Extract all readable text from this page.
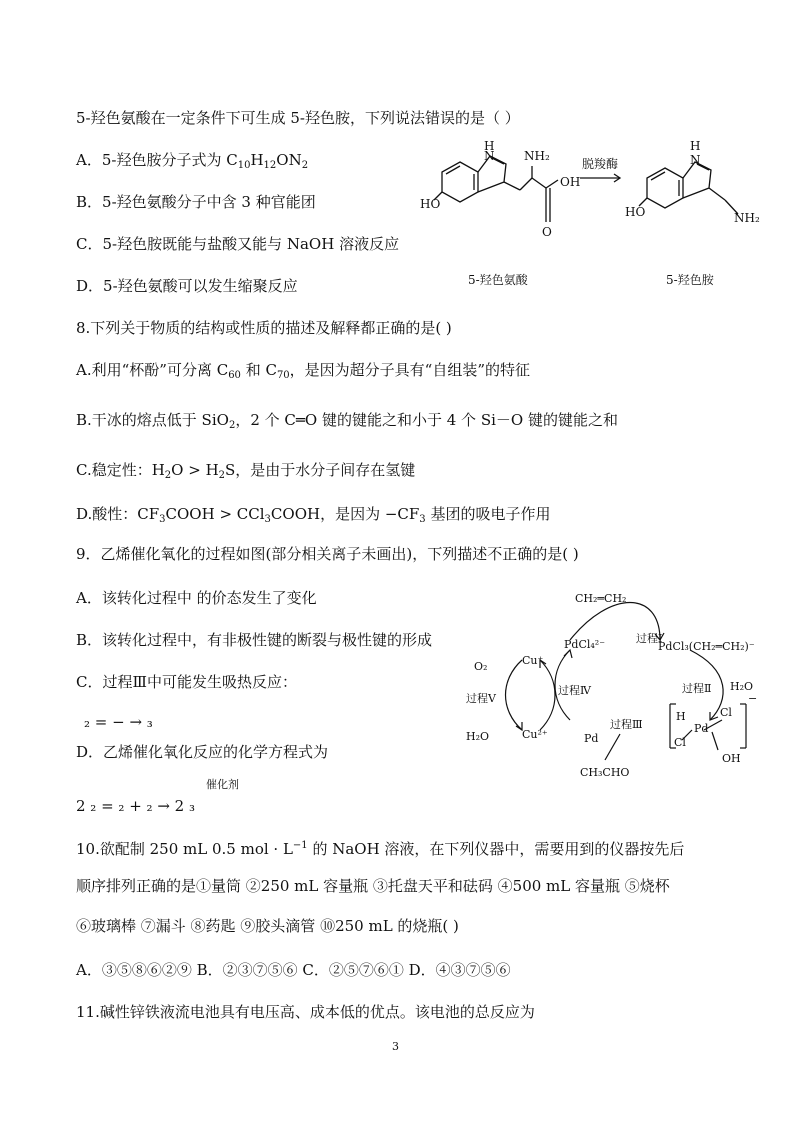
5-羟色氨酸在一定条件下可生成 5-羟色胺，下列说法错误的是（ ）
A．5-羟色胺分子式为 $C_{10}H_{12}ON_2$
B．5-羟色氨酸分子中含 3 种官能团
C．5-羟色胺既能与盐酸又能与 NaOH 溶液反应
D．5-羟色氨酸可以发生缩聚反应
H
N NH₂
OH
HO
O
脱羧酶
H
N
HO	NH₂
5-羟色氨酸	5-羟色胺
8.下列关于物质的结构或性质的描述及解释都正确的是( )
A.利用“杯酚”可分离 $C_{60}$ 和 $C_{70}$，是因为超分子具有“自组装”的特征
B.干冰的熔点低于 SiO$_2$，2 个 C═O 键的键能之和小于 4 个 Si－O 键的键能之和
C.稳定性：$H_2O > H_2S$，是由于水分子间存在氢键
D.酸性：$CF_3COOH$ > CCl$_3$COOH，是因为 $-CF_3$ 基团的吸电子作用
9．乙烯催化氧化的过程如图(部分相关离子未画出)，下列描述不正确的是( )
A．该转化过程中 的价态发生了变化
B．该转化过程中，有非极性键的断裂与极性键的形成
C．过程Ⅲ中可能发生吸热反应：
₂ = − → ₃
D．乙烯催化氧化反应的化学方程式为
催化剂
2 ₂ = ₂ + ₂ → 2 ₃
CH₂═CH₂
PdCl₄²⁻	过程Ⅰ
PdCl₃(CH₂═CH₂)⁻
过程Ⅱ H₂O
O₂	Cu⁺
过程Ⅳ
过程Ⅴ
H₂O	Cu²⁺	Pd
过程Ⅲ
H	Cl
Pd
Cl
OH
−
CH₃CHO
10.欲配制 250 mL 0.5 mol · $L^{-1}$ 的 NaOH 溶液，在下列仪器中，需要用到的仪器按先后
顺序排列正确的是①量筒 ②250 mL 容量瓶 ③托盘天平和砝码 ④500 mL 容量瓶 ⑤烧杯
⑥玻璃棒 ⑦漏斗 ⑧药匙 ⑨胶头滴管 ⑩250 mL 的烧瓶( )
A．③⑤⑧⑥②⑨ B．②③⑦⑤⑥ C．②⑤⑦⑥① D．④③⑦⑤⑥
11.碱性锌铁液流电池具有电压高、成本低的优点。该电池的总反应为
3
